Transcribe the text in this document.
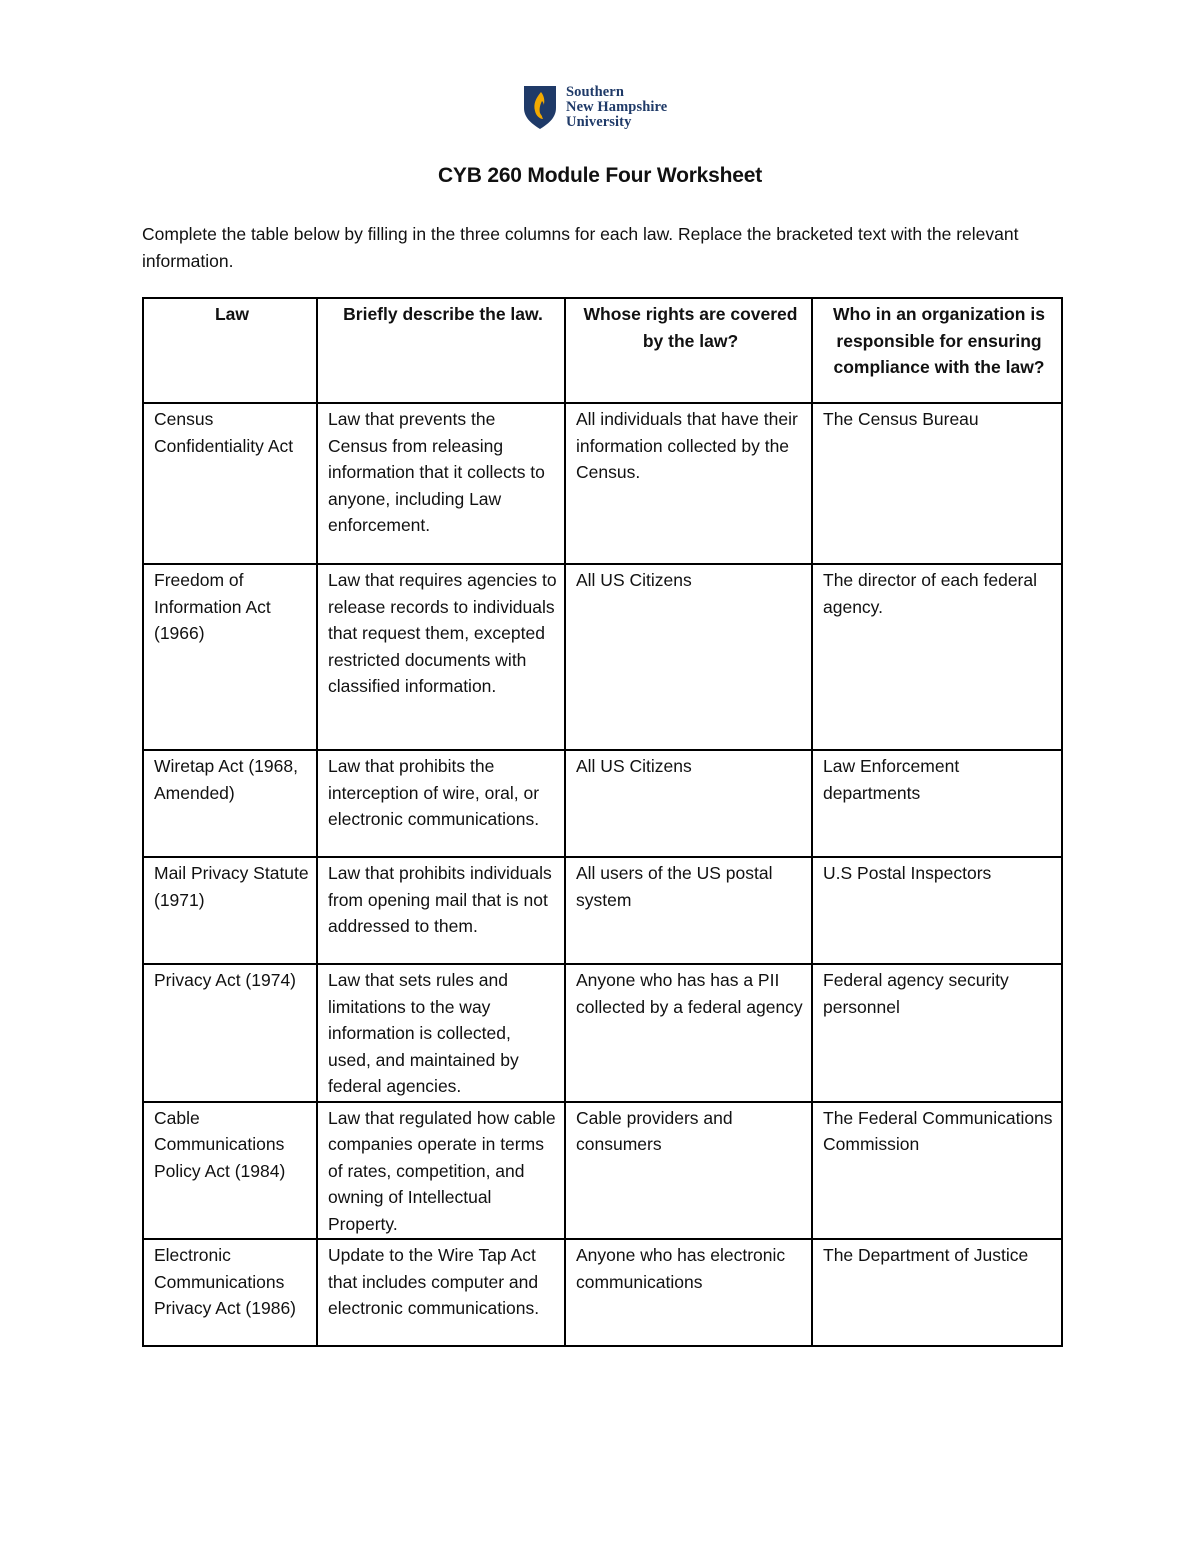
Southern
New Hampshire
University
CYB 260 Module Four Worksheet
Complete the table below by filling in the three columns for each law. Replace the bracketed text with the relevant information.
Law	Briefly describe the law.	Whose rights are covered by the law?	Who in an organization is responsible for ensuring compliance with the law?
Census Confidentiality Act	Law that prevents the Census from releasing information that it collects to anyone, including Law enforcement.	All individuals that have their information collected by the Census.	The Census Bureau
Freedom of Information Act (1966)	Law that requires agencies to release records to individuals that request them, excepted restricted documents with classified information.	All US Citizens	The director of each federal agency.
Wiretap Act (1968, Amended)	Law that prohibits the interception of wire, oral, or electronic communications.	All US Citizens	Law Enforcement departments
Mail Privacy Statute (1971)	Law that prohibits individuals from opening mail that is not addressed to them.	All users of the US postal system	U.S Postal Inspectors
Privacy Act (1974)	Law that sets rules and limitations to the way information is collected, used, and maintained by federal agencies.	Anyone who has has a PII collected by a federal agency	Federal agency security personnel
Cable Communications Policy Act (1984)	Law that regulated how cable companies operate in terms of rates, competition, and owning of Intellectual Property.	Cable providers and consumers	The Federal Communications Commission
Electronic Communications Privacy Act (1986)	Update to the Wire Tap Act that includes computer and electronic communications.	Anyone who has electronic communications	The Department of Justice
